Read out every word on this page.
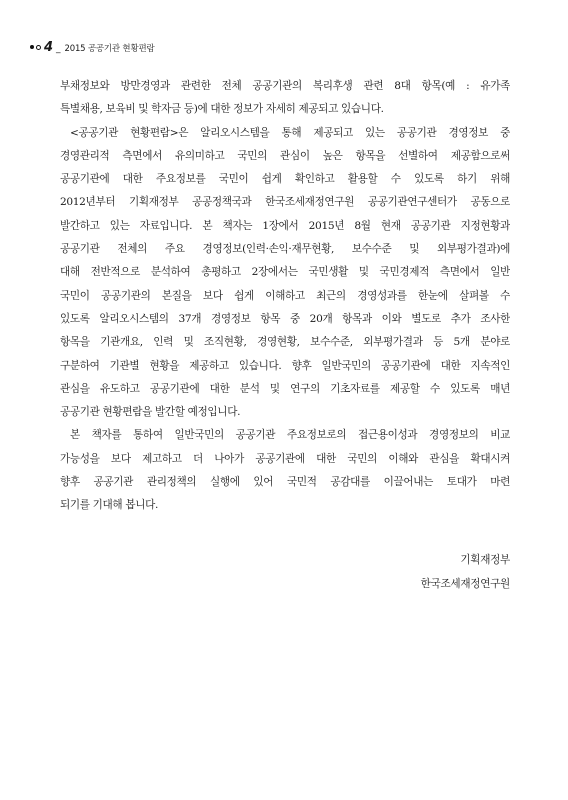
4 _ 2015 공공기관 현황편람
부채정보와 방만경영과 관련한 전체 공공기관의 복리후생 관련 8대 항목(예 : 유가족
특별채용, 보육비 및 학자금 등)에 대한 정보가 자세히 제공되고 있습니다.
<공공기관 현황편람>은 알리오시스템을 통해 제공되고 있는 공공기관 경영정보 중
경영관리적 측면에서 유의미하고 국민의 관심이 높은 항목을 선별하여 제공함으로써
공공기관에 대한 주요정보를 국민이 쉽게 확인하고 활용할 수 있도록 하기 위해
2012년부터 기획재정부 공공정책국과 한국조세재정연구원 공공기관연구센터가 공동으로
발간하고 있는 자료입니다. 본 책자는 1장에서 2015년 8월 현재 공공기관 지정현황과
공공기관 전체의 주요 경영정보(인력·손익·재무현황, 보수수준 및 외부평가결과)에
대해 전반적으로 분석하여 총평하고 2장에서는 국민생활 및 국민경제적 측면에서 일반
국민이 공공기관의 본질을 보다 쉽게 이해하고 최근의 경영성과를 한눈에 살펴볼 수
있도록 알리오시스템의 37개 경영정보 항목 중 20개 항목과 이와 별도로 추가 조사한
항목을 기관개요, 인력 및 조직현황, 경영현황, 보수수준, 외부평가결과 등 5개 분야로
구분하여 기관별 현황을 제공하고 있습니다. 향후 일반국민의 공공기관에 대한 지속적인
관심을 유도하고 공공기관에 대한 분석 및 연구의 기초자료를 제공할 수 있도록 매년
공공기관 현황편람을 발간할 예정입니다.
본 책자를 통하여 일반국민의 공공기관 주요정보로의 접근용이성과 경영정보의 비교
가능성을 보다 제고하고 더 나아가 공공기관에 대한 국민의 이해와 관심을 확대시켜
향후 공공기관 관리정책의 실행에 있어 국민적 공감대를 이끌어내는 토대가 마련
되기를 기대해 봅니다.
기획재정부
한국조세재정연구원
